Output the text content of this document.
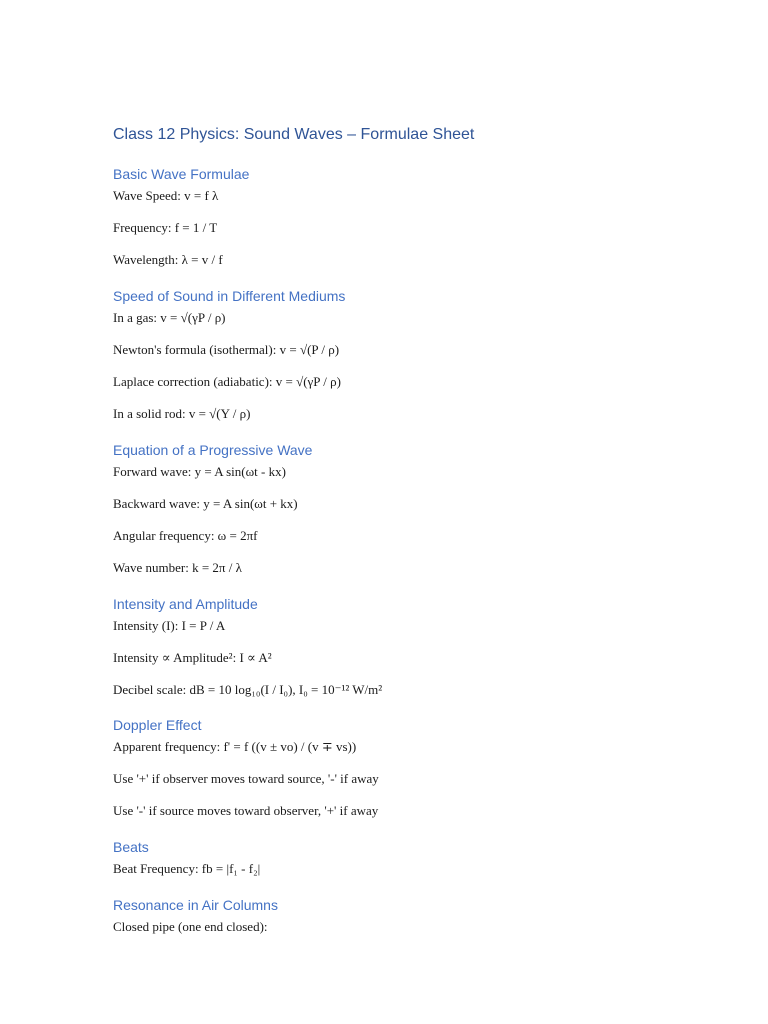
Class 12 Physics: Sound Waves – Formulae Sheet
Basic Wave Formulae
Wave Speed: v = f λ
Frequency: f = 1 / T
Wavelength: λ = v / f
Speed of Sound in Different Mediums
In a gas: v = √(γP / ρ)
Newton's formula (isothermal): v = √(P / ρ)
Laplace correction (adiabatic): v = √(γP / ρ)
In a solid rod: v = √(Y / ρ)
Equation of a Progressive Wave
Forward wave: y = A sin(ωt - kx)
Backward wave: y = A sin(ωt + kx)
Angular frequency: ω = 2πf
Wave number: k = 2π / λ
Intensity and Amplitude
Intensity (I): I = P / A
Intensity ∝ Amplitude²: I ∝ A²
Decibel scale: dB = 10 log₁₀(I / I₀), I₀ = 10⁻¹² W/m²
Doppler Effect
Apparent frequency: f' = f ((v ± vo) / (v ∓ vs))
Use '+' if observer moves toward source, '-' if away
Use '-' if source moves toward observer, '+' if away
Beats
Beat Frequency: fb = |f₁ - f₂|
Resonance in Air Columns
Closed pipe (one end closed):
